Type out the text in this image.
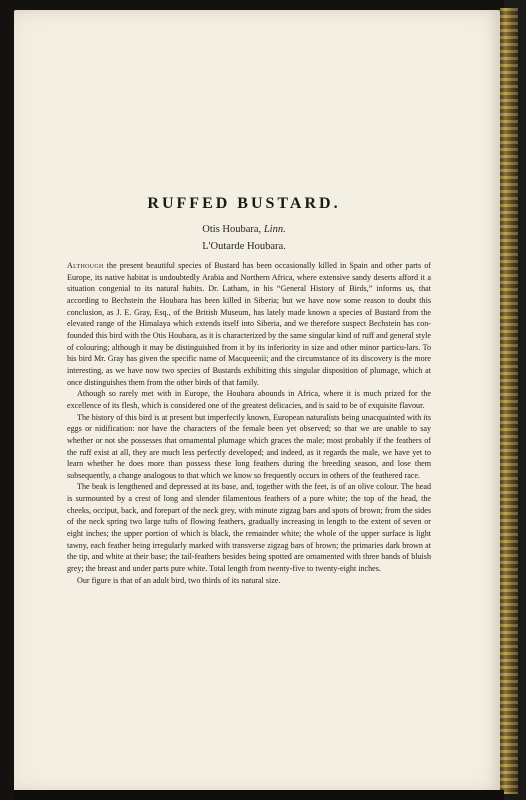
RUFFED BUSTARD.
Otis Houbara, Linn.
L'Outarde Houbara.

Although the present beautiful species of Bustard has been occasionally killed in Spain and other parts of Europe, its native habitat is undoubtedly Arabia and Northern Africa, where extensive sandy deserts afford it a situation congenial to its natural habits. Dr. Latham, in his “General History of Birds,” informs us, that according to Bechstein the Houbara has been killed in Siberia; but we have now some reason to doubt this conclusion, as J. E. Gray, Esq., of the British Museum, has lately made known a species of Bustard from the elevated range of the Himalaya which extends itself into Siberia, and we therefore suspect Bechstein has con-founded this bird with the Otis Houbara, as it is characterized by the same singular kind of ruff and general style of colouring; although it may be distinguished from it by its inferiority in size and other minor particu-lars. To his bird Mr. Gray has given the specific name of Macqueenii; and the circumstance of its discovery is the more interesting, as we have now two species of Bustards exhibiting this singular disposition of plumage, which at once distinguishes them from the other birds of that family.

Athough so rarely met with in Europe, the Houbara abounds in Africa, where it is much prized for the excellence of its flesh, which is considered one of the greatest delicacies, and is said to be of exquisite flavour.

The history of this bird is at present but imperfectly known, European naturalists being unacquainted with its eggs or nidification: nor have the characters of the female been yet observed; so that we are unable to say whether or not she possesses that ornamental plumage which graces the male; most probably if the feathers of the ruff exist at all, they are much less perfectly developed; and indeed, as it regards the male, we have yet to learn whether he does more than possess these long feathers during the breeding season, and lose them subsequently, a change analogous to that which we know so frequently occurs in others of the feathered race.

The beak is lengthened and depressed at its base, and, together with the feet, is of an olive colour. The head is surmounted by a crest of long and slender filamentous feathers of a pure white; the top of the head, the cheeks, occiput, back, and forepart of the neck grey, with minute zigzag bars and spots of brown; from the sides of the neck spring two large tufts of flowing feathers, gradually increasing in length to the extent of seven or eight inches; the upper portion of which is black, the remainder white; the whole of the upper surface is light tawny, each feather being irregularly marked with transverse zigzag bars of brown; the primaries dark brown at the tip, and white at their base; the tail-feathers besides being spotted are ornamented with three bands of bluish grey; the breast and under parts pure white. Total length from twenty-five to twenty-eight inches.

Our figure is that of an adult bird, two thirds of its natural size.
